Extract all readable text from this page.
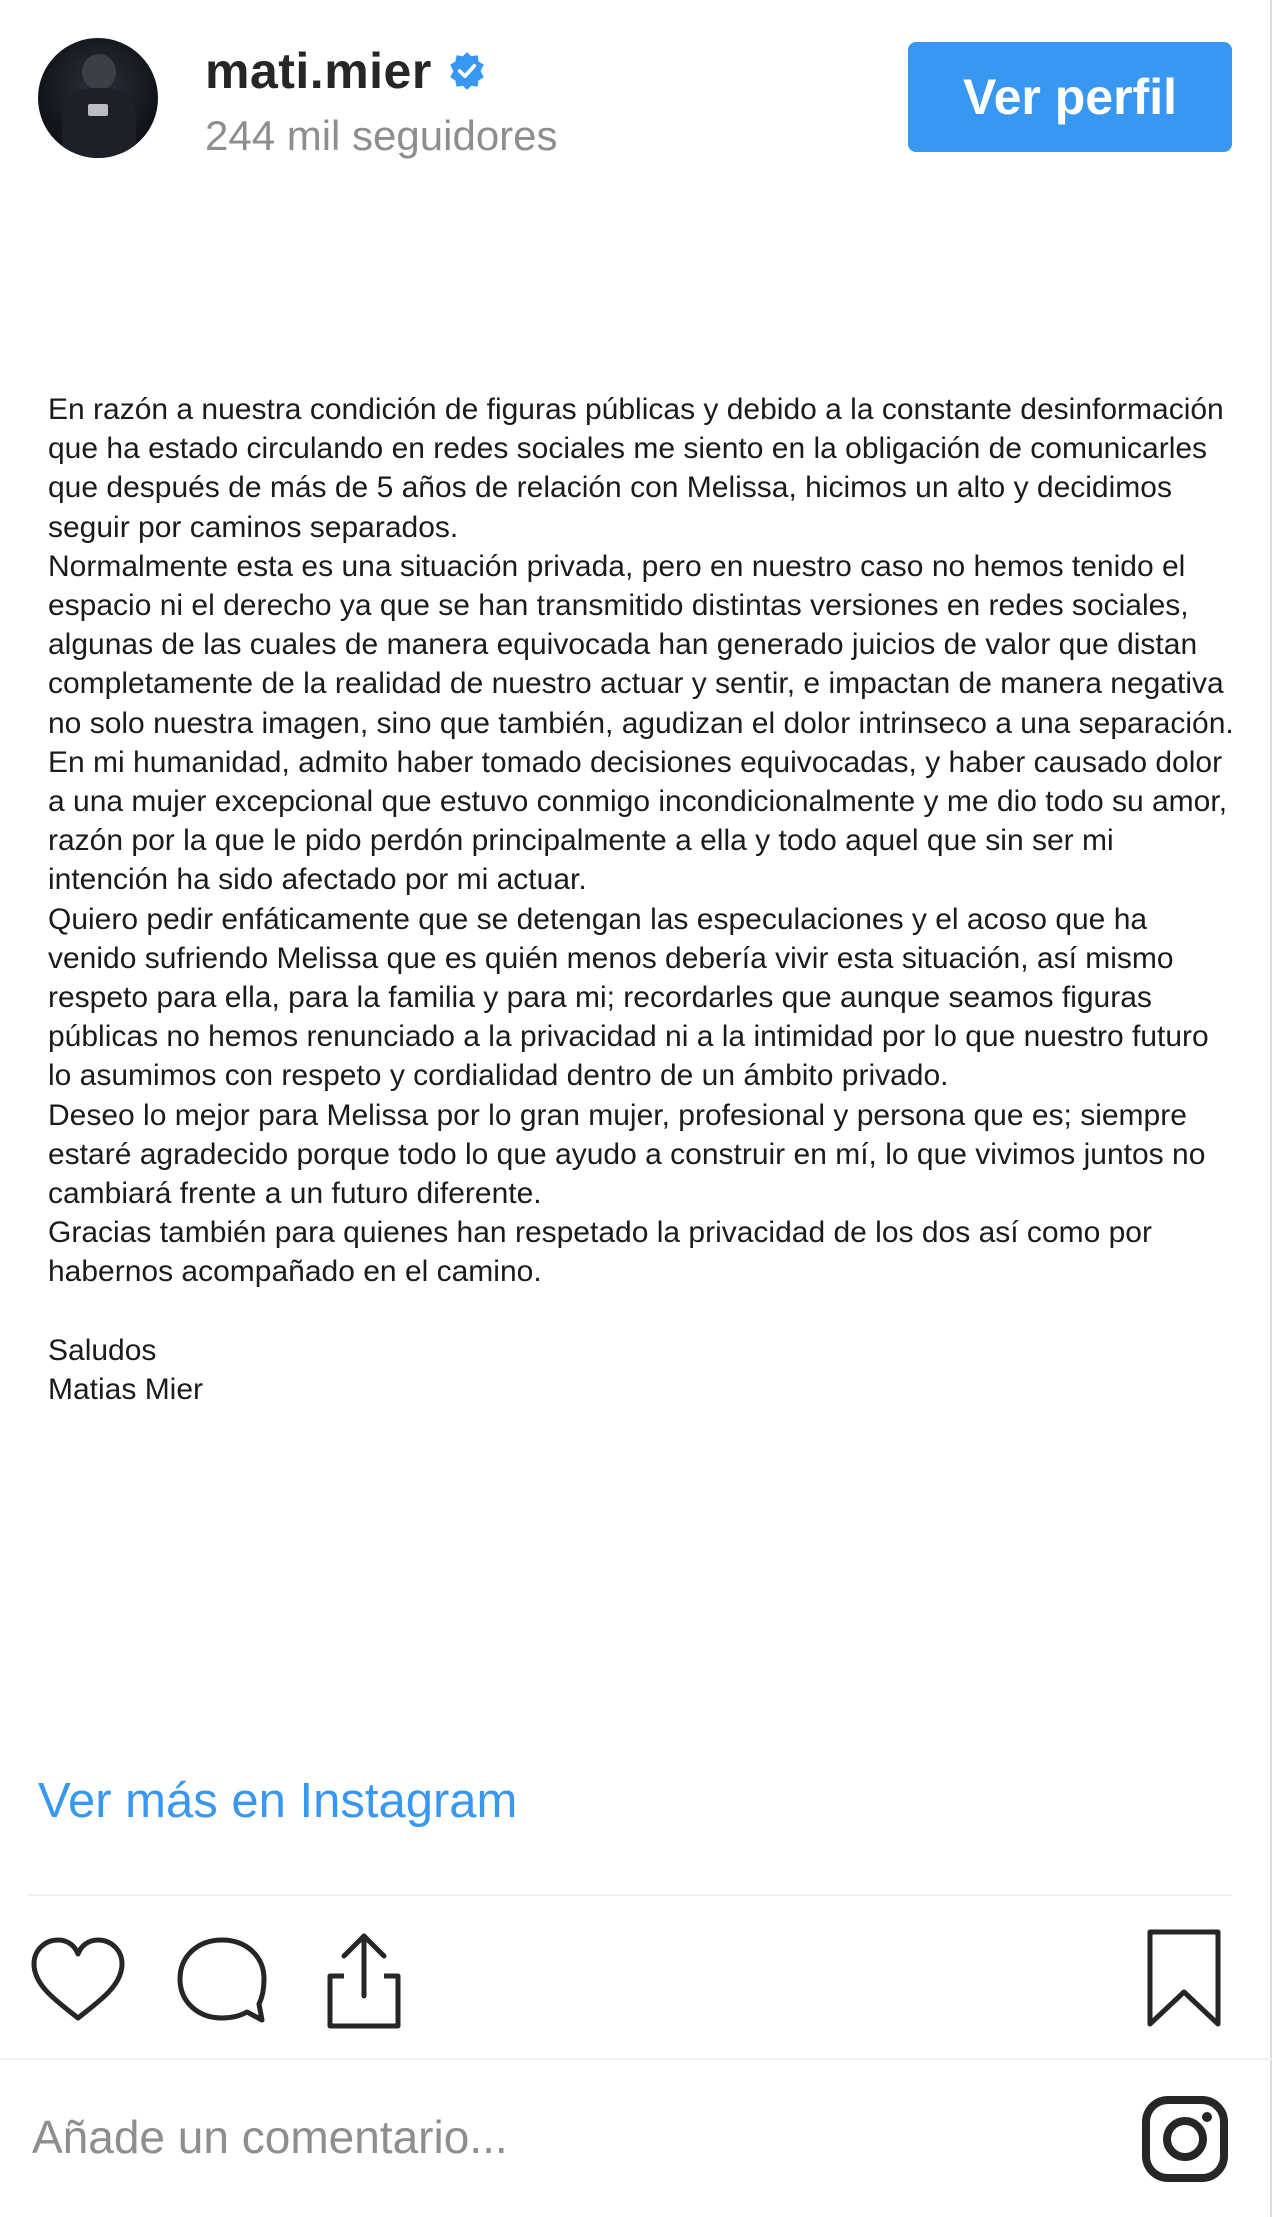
mati.mier
244 mil seguidores
Ver perfil

En razón a nuestra condición de figuras públicas y debido a la constante desinformación que ha estado circulando en redes sociales me siento en la obligación de comunicarles que después de más de 5 años de relación con Melissa, hicimos un alto y decidimos seguir por caminos separados.

Normalmente esta es una situación privada, pero en nuestro caso no hemos tenido el espacio ni el derecho ya que se han transmitido distintas versiones en redes sociales, algunas de las cuales de manera equivocada han generado juicios de valor que distan completamente de la realidad de nuestro actuar y sentir, e impactan de manera negativa no solo nuestra imagen, sino que también, agudizan el dolor intrinseco a una separación.

En mi humanidad, admito haber tomado decisiones equivocadas, y haber causado dolor a una mujer excepcional que estuvo conmigo incondicionalmente y me dio todo su amor, razón por la que le pido perdón principalmente a ella y todo aquel que sin ser mi intención ha sido afectado por mi actuar.

Quiero pedir enfáticamente que se detengan las especulaciones y el acoso que ha venido sufriendo Melissa que es quién menos debería vivir esta situación, así mismo respeto para ella, para la familia y para mi; recordarles que aunque seamos figuras públicas no hemos renunciado a la privacidad ni a la intimidad por lo que nuestro futuro lo asumimos con respeto y cordialidad dentro de un ámbito privado.

Deseo lo mejor para Melissa por lo gran mujer, profesional y persona que es; siempre estaré agradecido porque todo lo que ayudo a construir en mí, lo que vivimos juntos no cambiará frente a un futuro diferente.

Gracias también para quienes han respetado la privacidad de los dos así como por habernos acompañado en el camino.

Saludos

Matias Mier

Ver más en Instagram
Añade un comentario...
